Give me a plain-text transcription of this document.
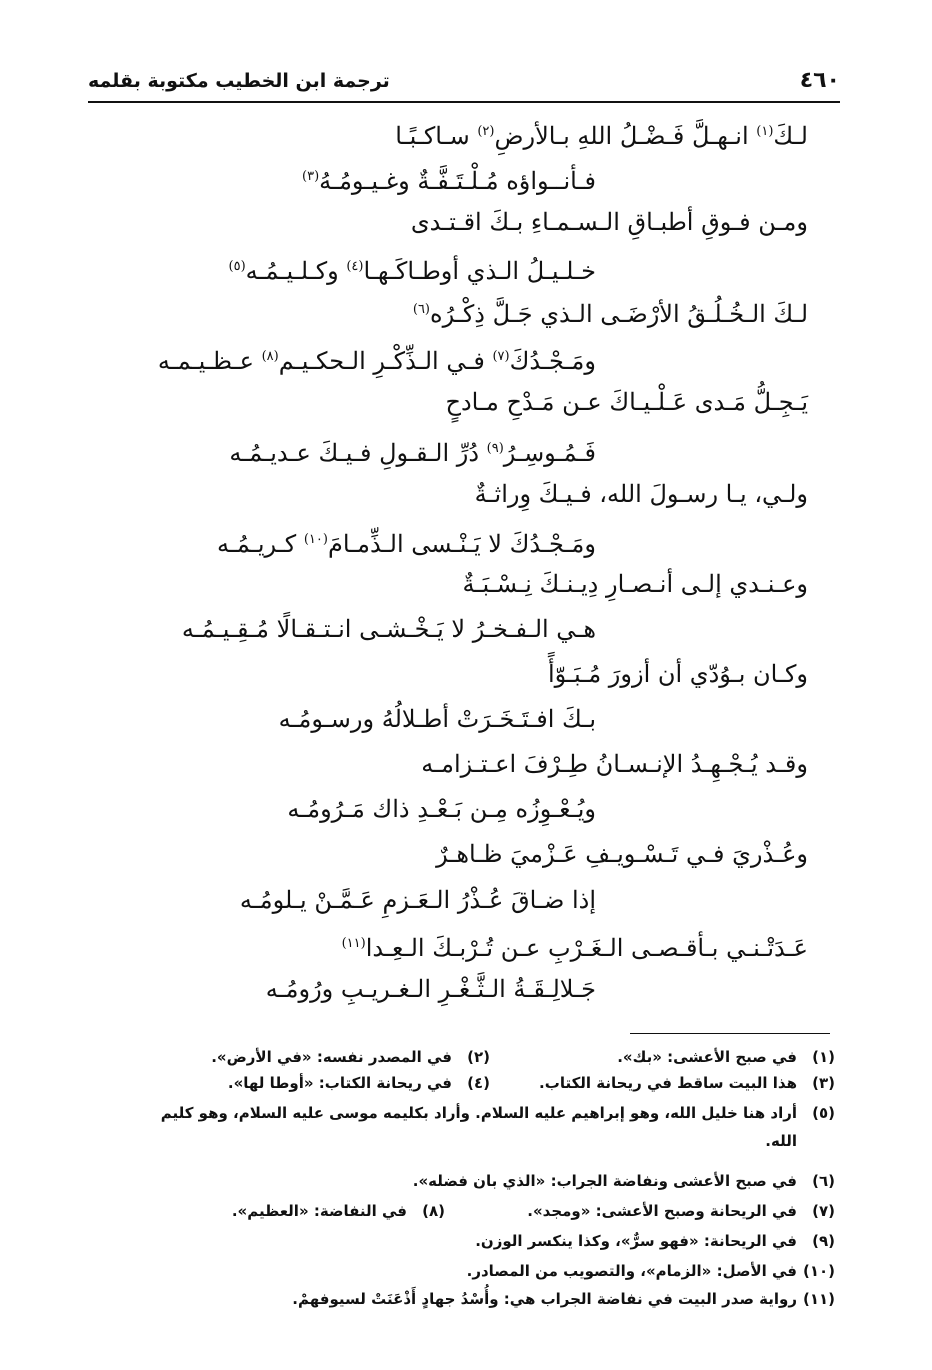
٤٦٠
ترجمة ابن الخطيب مكتوبة بقلمه
لـكَ$^{(١)}$ انـهـلَّ فَـضْـلُ اللهِ بـالأرضِ$^{(٢)}$ سـاكـبًـا
فـأنــواؤه مُـلْـتَـفَّـةٌ وغـيـومُـهُ$^{(٣)}$
ومـن فـوقِ أطبـاقِ الـسـمـاءِ بـكَ اقـتـدى
خـلـيـلُ الـذي أوطـاكَـهـا$^{(٤)}$ وكـلـيـمُـه$^{(٥)}$
لـكَ الـخُـلُـقُ الأرْضَـى الـذي جَـلَّ ذِكْـرُه$^{(٦)}$
ومَـجْـدُكَ$^{(٧)}$ فـي الـذِّكْـرِ الـحكـيـم$^{(٨)}$ عـظـيـمـه
يَـجِـلُّ مَـدى عَـلْـيـاكَ عـن مَـدْحِ مـادحٍ
فَـمُـوسِـرُ$^{(٩)}$ دُرِّ الـقـولِ فـيـكَ عـديـمُـه
ولـي، يـا رسـولَ الله، فـيـكَ وِراثـةٌ
ومَـجْـدُكَ لا يَـنْـسى الـذِّمـامَ$^{(١٠)}$ كـريـمُـه
وعـنـدي إلـى أنـصـارِ دِيـنـكَ نِـسْـبَـةٌ
هـي الـفـخـرُ لا يَـخْـشـى انـتـقـالًا مُـقِـيـمُـه
وكـان بـوُدّي أن أزورَ مُـبَـوّأً
بـكَ افـتَـخَـرَتْ أطـلالُهُ ورسـومُـه
وقـد يُـجْـهِـدُ الإنـسـانُ طِـرْفَ اعـتـزامـه
ويُـعْـوِزُه مِـن بَـعْـدِ ذاك مَـرُومُـه
وعُـذْريَ فـي تَـسْـويـفِ عَـزْميَ ظـاهـرٌ
إذا ضـاقَ عُـذْرُ الـعَـزمِ عَـمَّـنْ يـلومُـه
عَـدَتْـنـي بـأقـصـى الـغَـرْبِ عـن تُـرْبـكَ الـعِـدا$^{(١١)}$
جَـلالِـقَـةُ الـثَّـغْـرِ الـغـريـبِ ورُومُـه
(١)في صبح الأعشى: «بك».
(٢)في المصدر نفسه: «في الأرض».
(٣)هذا البيت ساقط في ريحانة الكتاب.
(٤)في ريحانة الكتاب: «أوطا لها».
(٥)أراد هنا خليل الله، وهو إبراهيم عليه السلام. وأراد بكليمه موسى عليه السلام، وهو كليم
الله.
(٦)في صبح الأعشى ونفاضة الجراب: «الذي بان فضله».
(٧)في الريحانة وصبح الأعشى: «ومجد».
(٨)في النفاضة: «العظيم».
(٩)في الريحانة: «فهو سرٌّ»، وكذا ينكسر الوزن.
(١٠)في الأصل: «الزمام»، والتصويب من المصادر.
(١١)رواية صدر البيت في نفاضة الجراب هي: وأُسْدُ جهادٍ أَذْعَنَتْ لسيوفهمْ.
